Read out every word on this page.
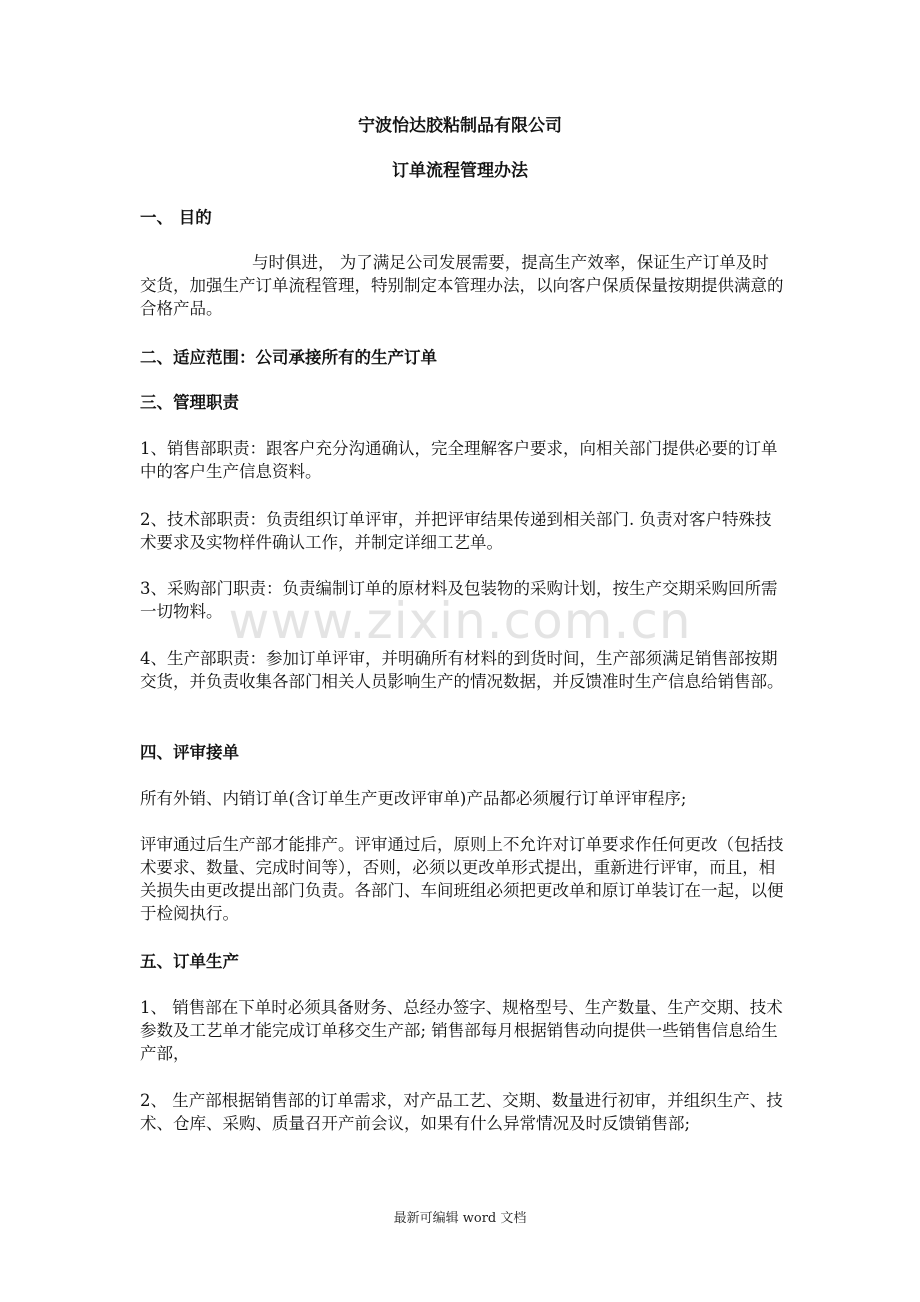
www.zixin.com.cn
宁波怡达胶粘制品有限公司
订单流程管理办法
一、 目的
与时俱进， 为了满足公司发展需要，提高生产效率，保证生产订单及时交货，加强生产订单流程管理，特别制定本管理办法，以向客户保质保量按期提供满意的合格产品。
二、适应范围：公司承接所有的生产订单
三、管理职责
1、销售部职责：跟客户充分沟通确认，完全理解客户要求，向相关部门提供必要的订单中的客户生产信息资料。
2、技术部职责：负责组织订单评审，并把评审结果传递到相关部门. 负责对客户特殊技术要求及实物样件确认工作，并制定详细工艺单。
3、采购部门职责：负责编制订单的原材料及包装物的采购计划，按生产交期采购回所需一切物料。
4、生产部职责：参加订单评审，并明确所有材料的到货时间，生产部须满足销售部按期交货，并负责收集各部门相关人员影响生产的情况数据，并反馈准时生产信息给销售部。
四、评审接单
所有外销、内销订单(含订单生产更改评审单)产品都必须履行订单评审程序;
评审通过后生产部才能排产。评审通过后，原则上不允许对订单要求作任何更改（包括技术要求、数量、完成时间等），否则，必须以更改单形式提出，重新进行评审，而且，相关损失由更改提出部门负责。各部门、车间班组必须把更改单和原订单装订在一起，以便于检阅执行。
五、订单生产
1、 销售部在下单时必须具备财务、总经办签字、规格型号、生产数量、生产交期、技术参数及工艺单才能完成订单移交生产部; 销售部每月根据销售动向提供一些销售信息给生产部，
2、 生产部根据销售部的订单需求，对产品工艺、交期、数量进行初审，并组织生产、技术、仓库、采购、质量召开产前会议，如果有什么异常情况及时反馈销售部;
最新可编辑 word 文档
